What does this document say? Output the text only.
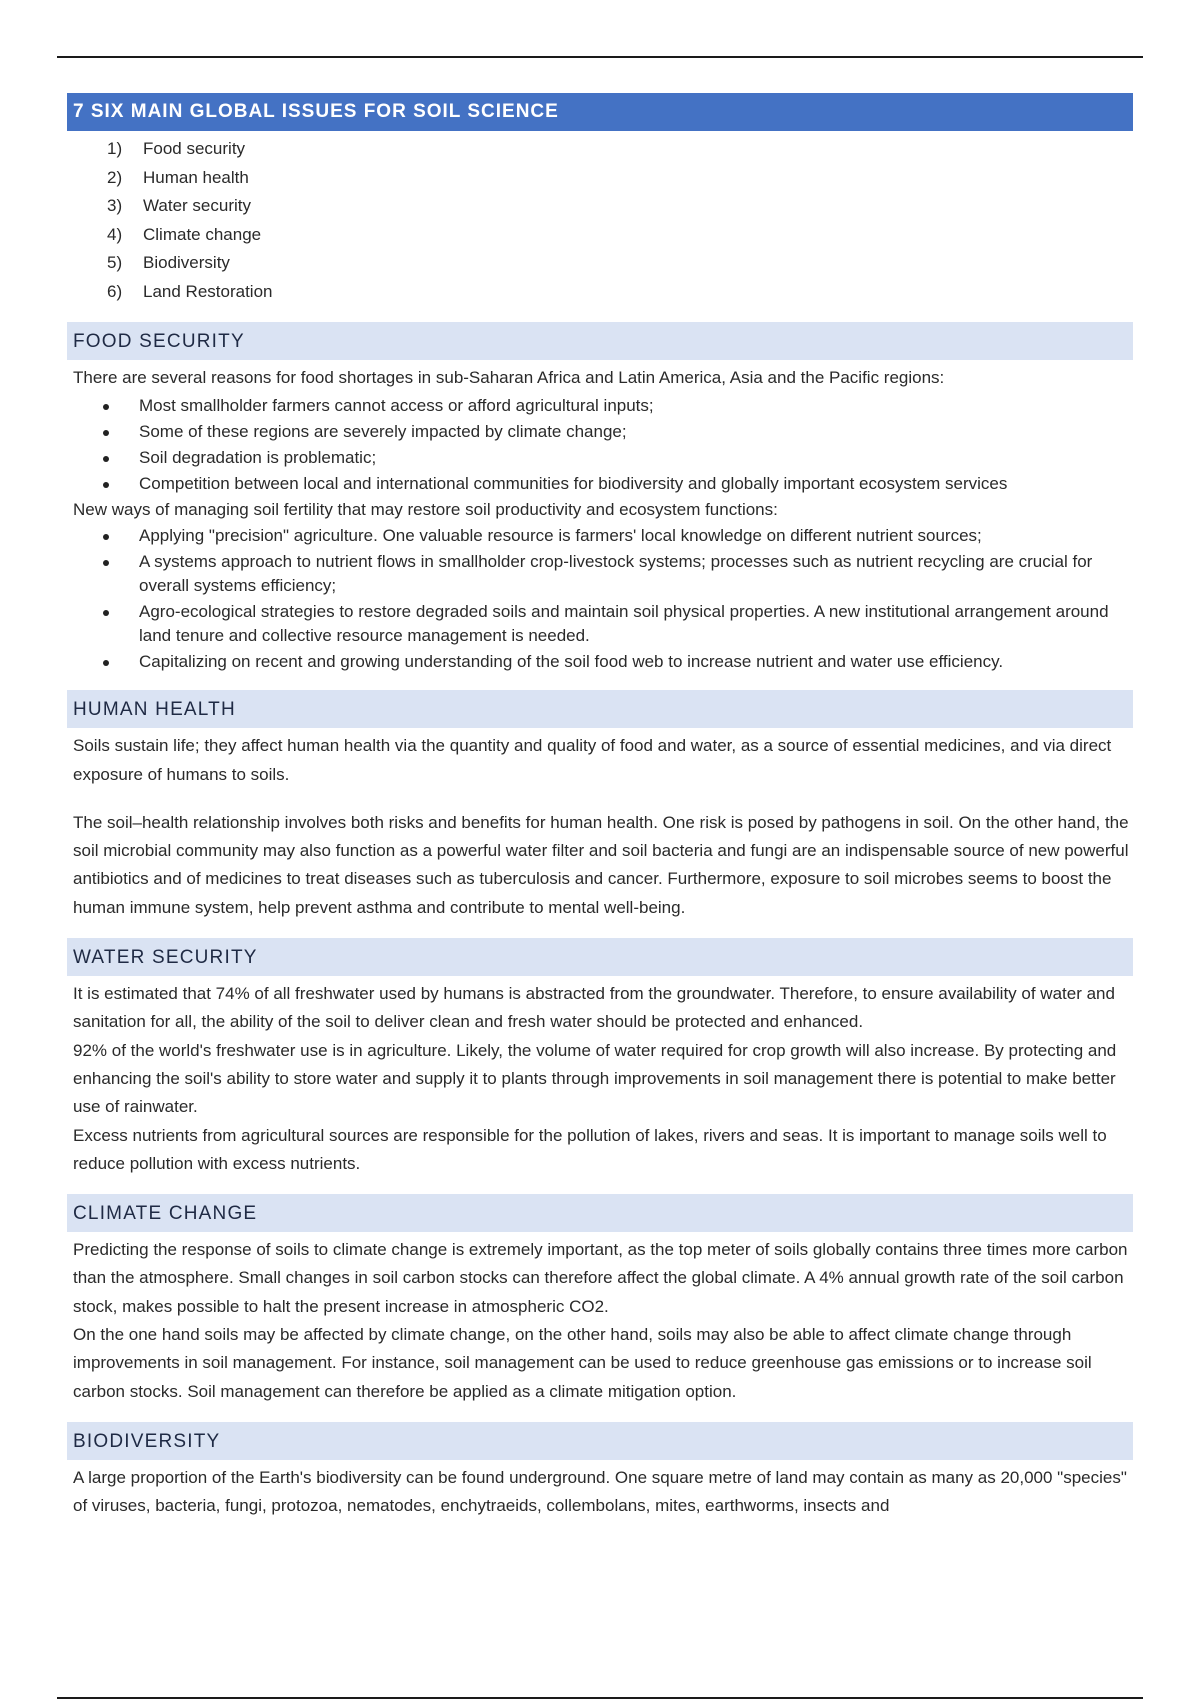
7 SIX MAIN GLOBAL ISSUES FOR SOIL SCIENCE
1) Food security
2) Human health
3) Water security
4) Climate change
5) Biodiversity
6) Land Restoration
FOOD SECURITY

There are several reasons for food shortages in sub-Saharan Africa and Latin America, Asia and the Pacific regions:

Most smallholder farmers cannot access or afford agricultural inputs;
Some of these regions are severely impacted by climate change;
Soil degradation is problematic;
Competition between local and international communities for biodiversity and globally important ecosystem services

New ways of managing soil fertility that may restore soil productivity and ecosystem functions:

Applying "precision" agriculture. One valuable resource is farmers' local knowledge on different nutrient sources;
A systems approach to nutrient flows in smallholder crop-livestock systems; processes such as nutrient recycling are crucial for overall systems efficiency;
Agro-ecological strategies to restore degraded soils and maintain soil physical properties. A new institutional arrangement around land tenure and collective resource management is needed.
Capitalizing on recent and growing understanding of the soil food web to increase nutrient and water use efficiency.
HUMAN HEALTH

Soils sustain life; they affect human health via the quantity and quality of food and water, as a source of essential medicines, and via direct exposure of humans to soils.

The soil–health relationship involves both risks and benefits for human health. One risk is posed by pathogens in soil. On the other hand, the soil microbial community may also function as a powerful water filter and soil bacteria and fungi are an indispensable source of new powerful antibiotics and of medicines to treat diseases such as tuberculosis and cancer. Furthermore, exposure to soil microbes seems to boost the human immune system, help prevent asthma and contribute to mental well-being.

WATER SECURITY

It is estimated that 74% of all freshwater used by humans is abstracted from the groundwater. Therefore, to ensure availability of water and sanitation for all, the ability of the soil to deliver clean and fresh water should be protected and enhanced.

92% of the world's freshwater use is in agriculture. Likely, the volume of water required for crop growth will also increase. By protecting and enhancing the soil's ability to store water and supply it to plants through improvements in soil management there is potential to make better use of rainwater.

Excess nutrients from agricultural sources are responsible for the pollution of lakes, rivers and seas. It is important to manage soils well to reduce pollution with excess nutrients.

CLIMATE CHANGE

Predicting the response of soils to climate change is extremely important, as the top meter of soils globally contains three times more carbon than the atmosphere. Small changes in soil carbon stocks can therefore affect the global climate. A 4% annual growth rate of the soil carbon stock, makes possible to halt the present increase in atmospheric CO2.

On the one hand soils may be affected by climate change, on the other hand, soils may also be able to affect climate change through improvements in soil management. For instance, soil management can be used to reduce greenhouse gas emissions or to increase soil carbon stocks. Soil management can therefore be applied as a climate mitigation option.

BIODIVERSITY

A large proportion of the Earth's biodiversity can be found underground. One square metre of land may contain as many as 20,000 "species" of viruses, bacteria, fungi, protozoa, nematodes, enchytraeids, collembolans, mites, earthworms, insects and
